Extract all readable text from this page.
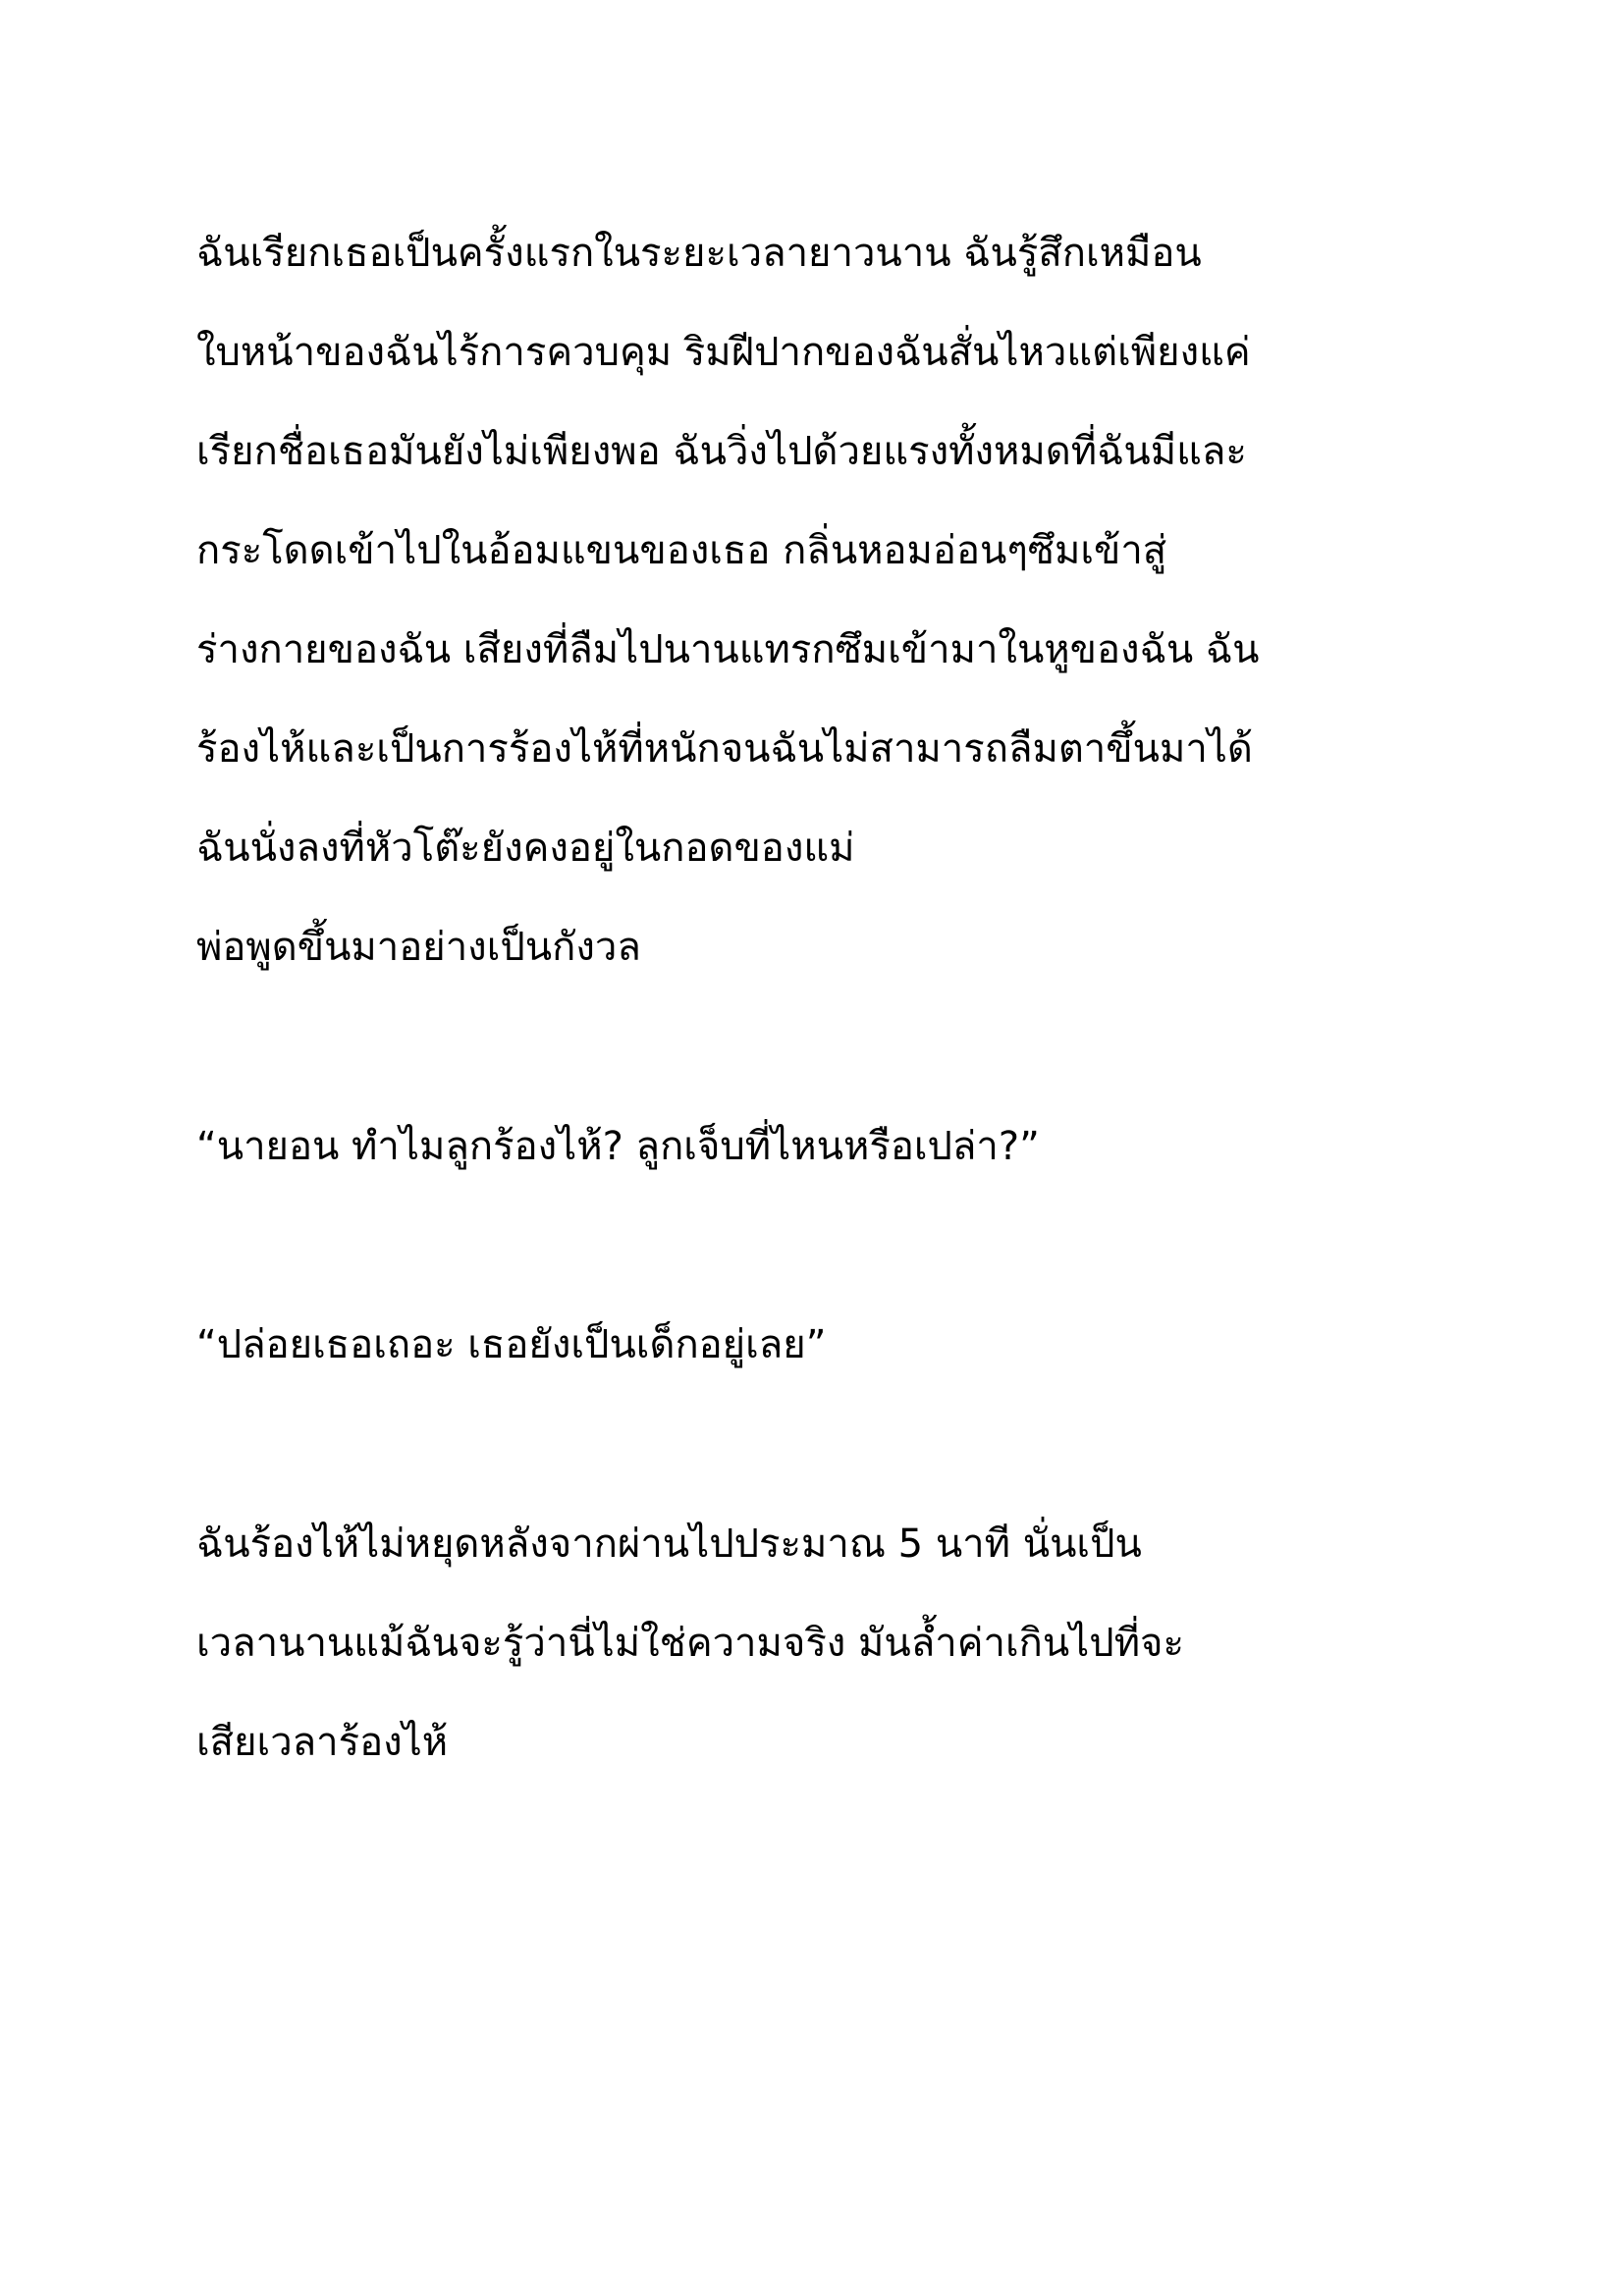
ฉันเรียกเธอเป็นครั้งแรกในระยะเวลายาวนาน ฉันรู้สึกเหมือน

ใบหน้าของฉันไร้การควบคุม ริมฝีปากของฉันสั่นไหวแต่เพียงแค่

เรียกชื่อเธอมันยังไม่เพียงพอ ฉันวิ่งไปด้วยแรงทั้งหมดที่ฉันมีและ

กระโดดเข้าไปในอ้อมแขนของเธอ กลิ่นหอมอ่อนๆซึมเข้าสู่

ร่างกายของฉัน เสียงที่ลืมไปนานแทรกซึมเข้ามาในหูของฉัน ฉัน

ร้องไห้และเป็นการร้องไห้ที่หนักจนฉันไม่สามารถลืมตาขึ้นมาได้

ฉันนั่งลงที่หัวโต๊ะยังคงอยู่ในกอดของแม่

พ่อพูดขึ้นมาอย่างเป็นกังวล

“นายอน ทำไมลูกร้องไห้? ลูกเจ็บที่ไหนหรือเปล่า?”

“ปล่อยเธอเถอะ เธอยังเป็นเด็กอยู่เลย”

ฉันร้องไห้ไม่หยุดหลังจากผ่านไปประมาณ 5 นาที นั่นเป็น

เวลานานแม้ฉันจะรู้ว่านี่ไม่ใช่ความจริง มันล้ำค่าเกินไปที่จะ

เสียเวลาร้องไห้
